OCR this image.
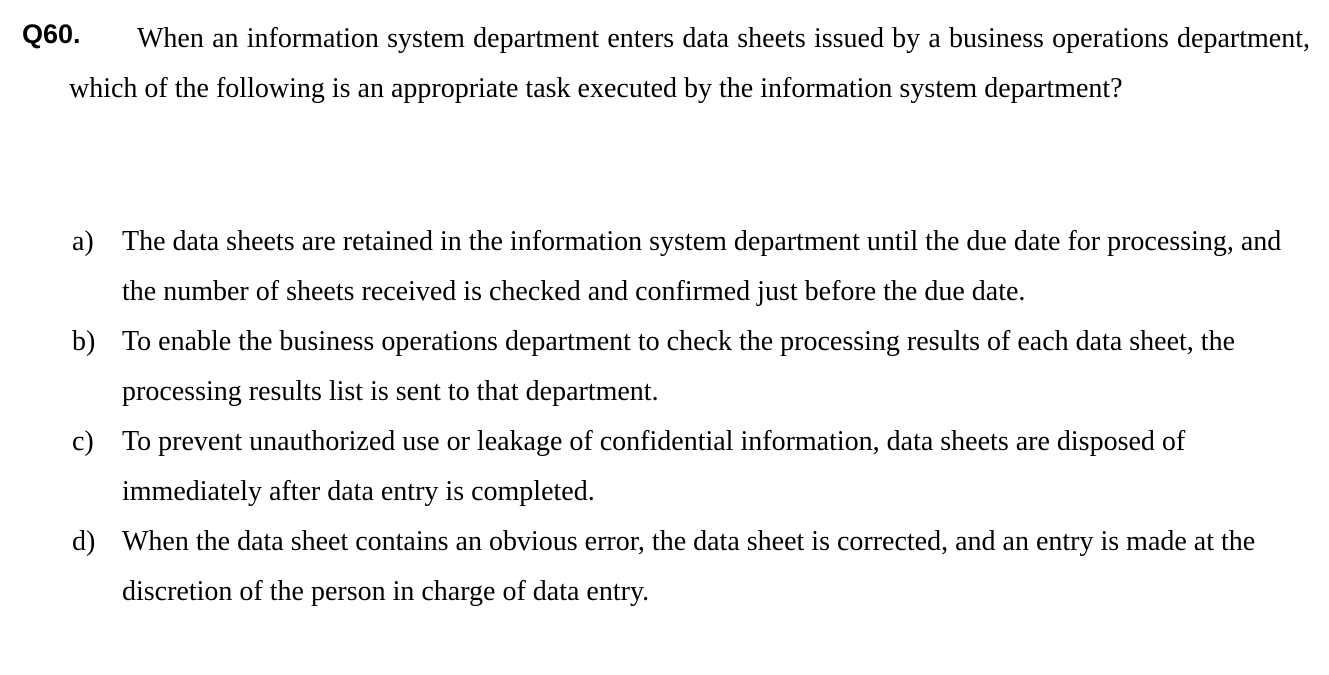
Q60.	When an information system department enters data sheets issued by a business operations department, which of the following is an appropriate task executed by the information system department?
a)	The data sheets are retained in the information system department until the due date for processing, and the number of sheets received is checked and confirmed just before the due date.
b) To enable the business operations department to check the processing results of each data sheet, the processing results list is sent to that department.
c)	To prevent unauthorized use or leakage of confidential information, data sheets are disposed of immediately after data entry is completed.
d) When the data sheet contains an obvious error, the data sheet is corrected, and an entry is made at the discretion of the person in charge of data entry.
